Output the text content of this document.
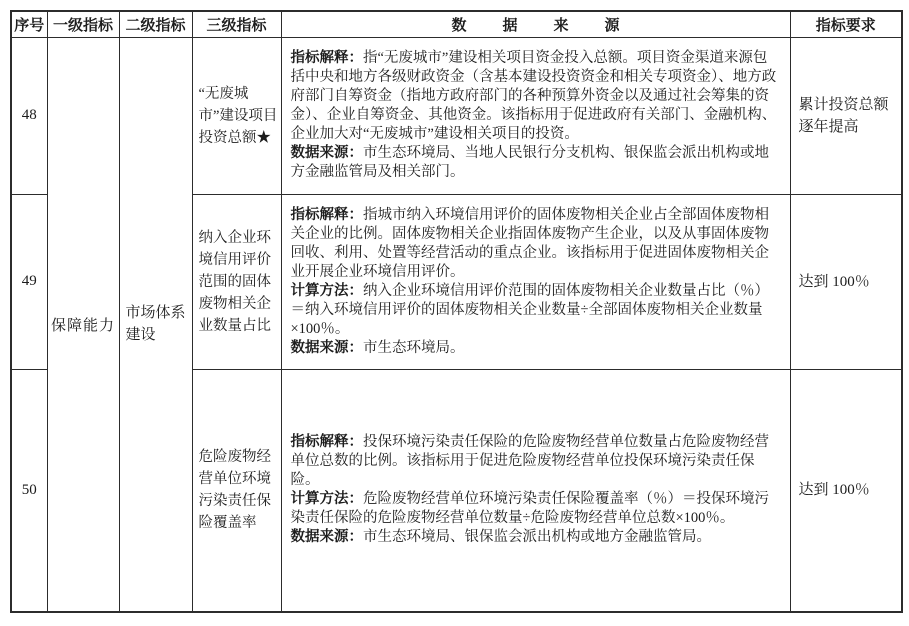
序号	一级指标	二级指标	三级指标	数据来源	指标要求
48	保障能力	市场体系建设	“无废城市”建设项目投资总额★	指标解释：指“无废城市”建设相关项目资金投入总额。项目资金渠道来源包括中央和地方各级财政资金（含基本建设投资资金和相关专项资金）、地方政府部门自筹资金（指地方政府部门的各种预算外资金以及通过社会筹集的资金）、企业自筹资金、其他资金。该指标用于促进政府有关部门、金融机构、企业加大对“无废城市”建设相关项目的投资。
数据来源：市生态环境局、当地人民银行分支机构、银保监会派出机构或地方金融监管局及相关部门。	累计投资总额逐年提高
49			纳入企业环境信用评价范围的固体废物相关企业数量占比	指标解释：指城市纳入环境信用评价的固体废物相关企业占全部固体废物相关企业的比例。固体废物相关企业指固体废物产生企业，以及从事固体废物回收、利用、处置等经营活动的重点企业。该指标用于促进固体废物相关企业开展企业环境信用评价。
计算方法：纳入企业环境信用评价范围的固体废物相关企业数量占比（％）＝纳入环境信用评价的固体废物相关企业数量÷全部固体废物相关企业数量×100％。
数据来源：市生态环境局。	达到 100％
50			危险废物经营单位环境污染责任保险覆盖率	指标解释：投保环境污染责任保险的危险废物经营单位数量占危险废物经营单位总数的比例。该指标用于促进危险废物经营单位投保环境污染责任保险。
计算方法：危险废物经营单位环境污染责任保险覆盖率（％）＝投保环境污染责任保险的危险废物经营单位数量÷危险废物经营单位总数×100％。
数据来源：市生态环境局、银保监会派出机构或地方金融监管局。	达到 100％
